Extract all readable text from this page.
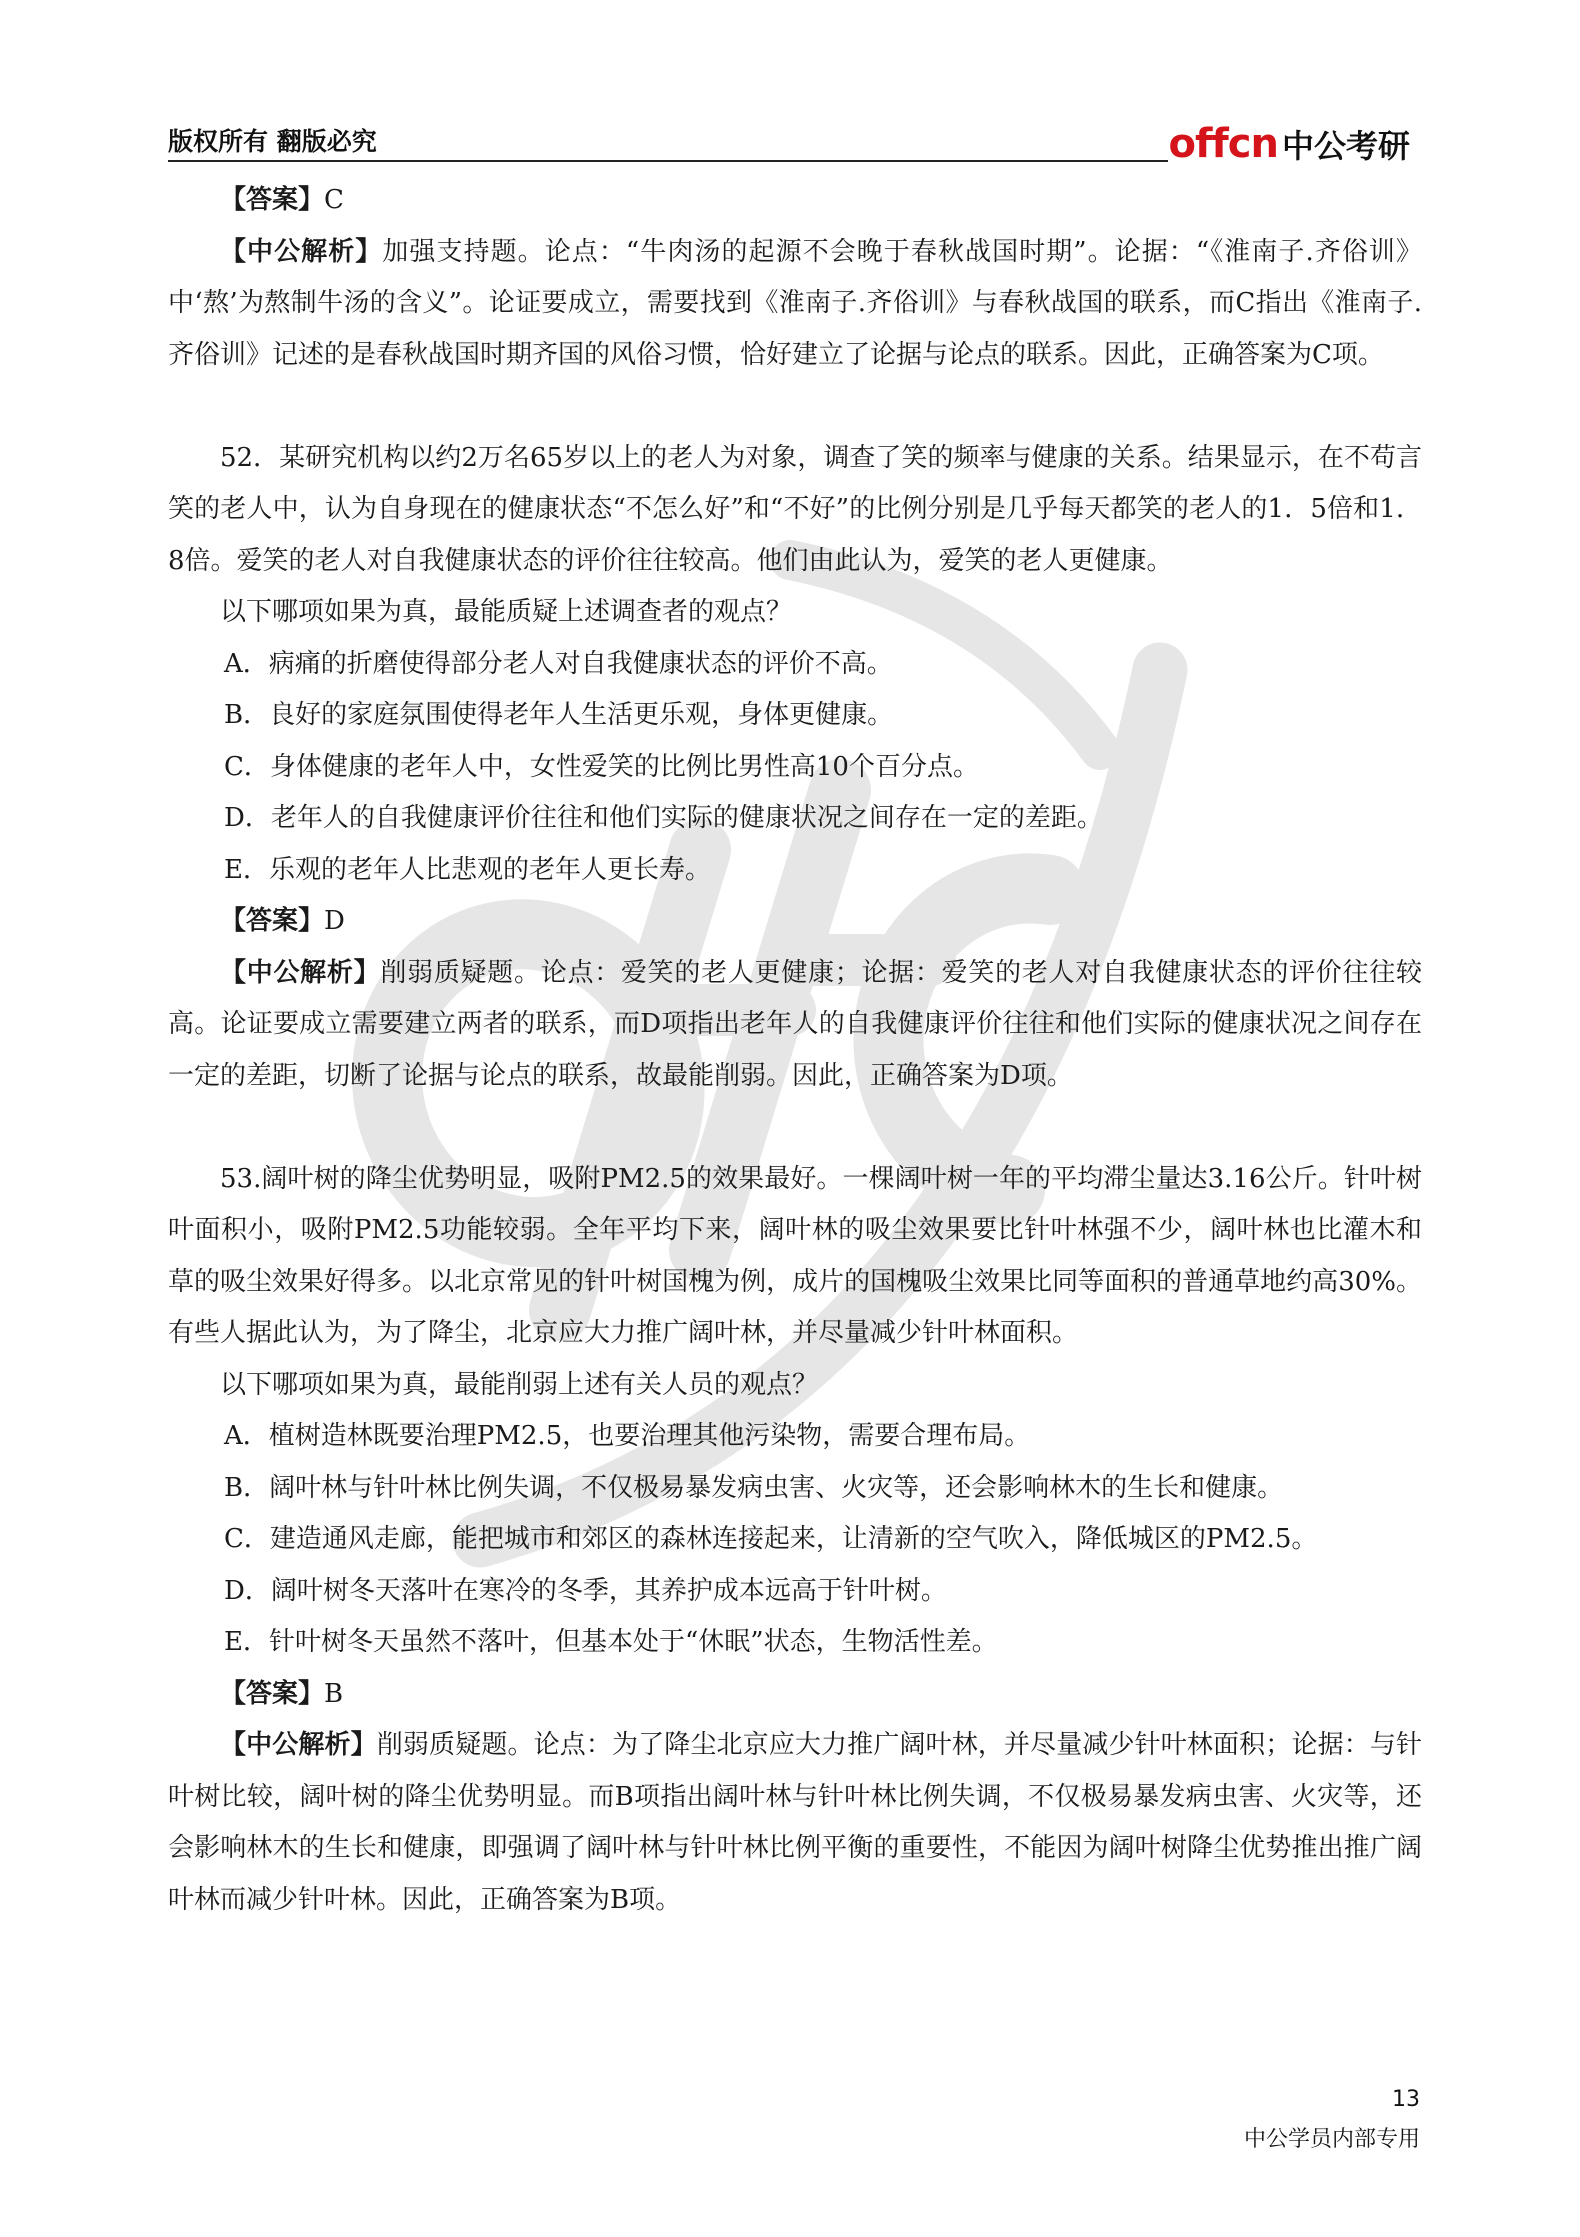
版权所有 翻版必究	offcn 中公考研

【答案】C

【中公解析】加强支持题。论点：“牛肉汤的起源不会晚于春秋战国时期”。论据：“《淮南子.齐俗训》中‘熬’为熬制牛汤的含义”。论证要成立，需要找到《淮南子.齐俗训》与春秋战国的联系，而C指出《淮南子.齐俗训》记述的是春秋战国时期齐国的风俗习惯，恰好建立了论据与论点的联系。因此，正确答案为C项。

52．某研究机构以约2万名65岁以上的老人为对象，调查了笑的频率与健康的关系。结果显示，在不苟言笑的老人中，认为自身现在的健康状态“不怎么好”和“不好”的比例分别是几乎每天都笑的老人的1．5倍和1．8倍。爱笑的老人对自我健康状态的评价往往较高。他们由此认为，爱笑的老人更健康。

以下哪项如果为真，最能质疑上述调查者的观点？

A．病痛的折磨使得部分老人对自我健康状态的评价不高。

B．良好的家庭氛围使得老年人生活更乐观，身体更健康。

C．身体健康的老年人中，女性爱笑的比例比男性高10个百分点。

D．老年人的自我健康评价往往和他们实际的健康状况之间存在一定的差距。

E．乐观的老年人比悲观的老年人更长寿。

【答案】D

【中公解析】削弱质疑题。论点：爱笑的老人更健康；论据：爱笑的老人对自我健康状态的评价往往较高。论证要成立需要建立两者的联系，而D项指出老年人的自我健康评价往往和他们实际的健康状况之间存在一定的差距，切断了论据与论点的联系，故最能削弱。因此，正确答案为D项。

53.阔叶树的降尘优势明显，吸附PM2.5的效果最好。一棵阔叶树一年的平均滞尘量达3.16公斤。针叶树叶面积小，吸附PM2.5功能较弱。全年平均下来，阔叶林的吸尘效果要比针叶林强不少，阔叶林也比灌木和草的吸尘效果好得多。以北京常见的针叶树国槐为例，成片的国槐吸尘效果比同等面积的普通草地约高30%。有些人据此认为，为了降尘，北京应大力推广阔叶林，并尽量减少针叶林面积。

以下哪项如果为真，最能削弱上述有关人员的观点？

A．植树造林既要治理PM2.5，也要治理其他污染物，需要合理布局。

B．阔叶林与针叶林比例失调，不仅极易暴发病虫害、火灾等，还会影响林木的生长和健康。

C．建造通风走廊，能把城市和郊区的森林连接起来，让清新的空气吹入，降低城区的PM2.5。

D．阔叶树冬天落叶在寒冷的冬季，其养护成本远高于针叶树。

E．针叶树冬天虽然不落叶，但基本处于“休眠”状态，生物活性差。

【答案】B

【中公解析】削弱质疑题。论点：为了降尘北京应大力推广阔叶林，并尽量减少针叶林面积；论据：与针叶树比较，阔叶树的降尘优势明显。而B项指出阔叶林与针叶林比例失调，不仅极易暴发病虫害、火灾等，还会影响林木的生长和健康，即强调了阔叶林与针叶林比例平衡的重要性，不能因为阔叶树降尘优势推出推广阔叶林而减少针叶林。因此，正确答案为B项。

13
中公学员内部专用
